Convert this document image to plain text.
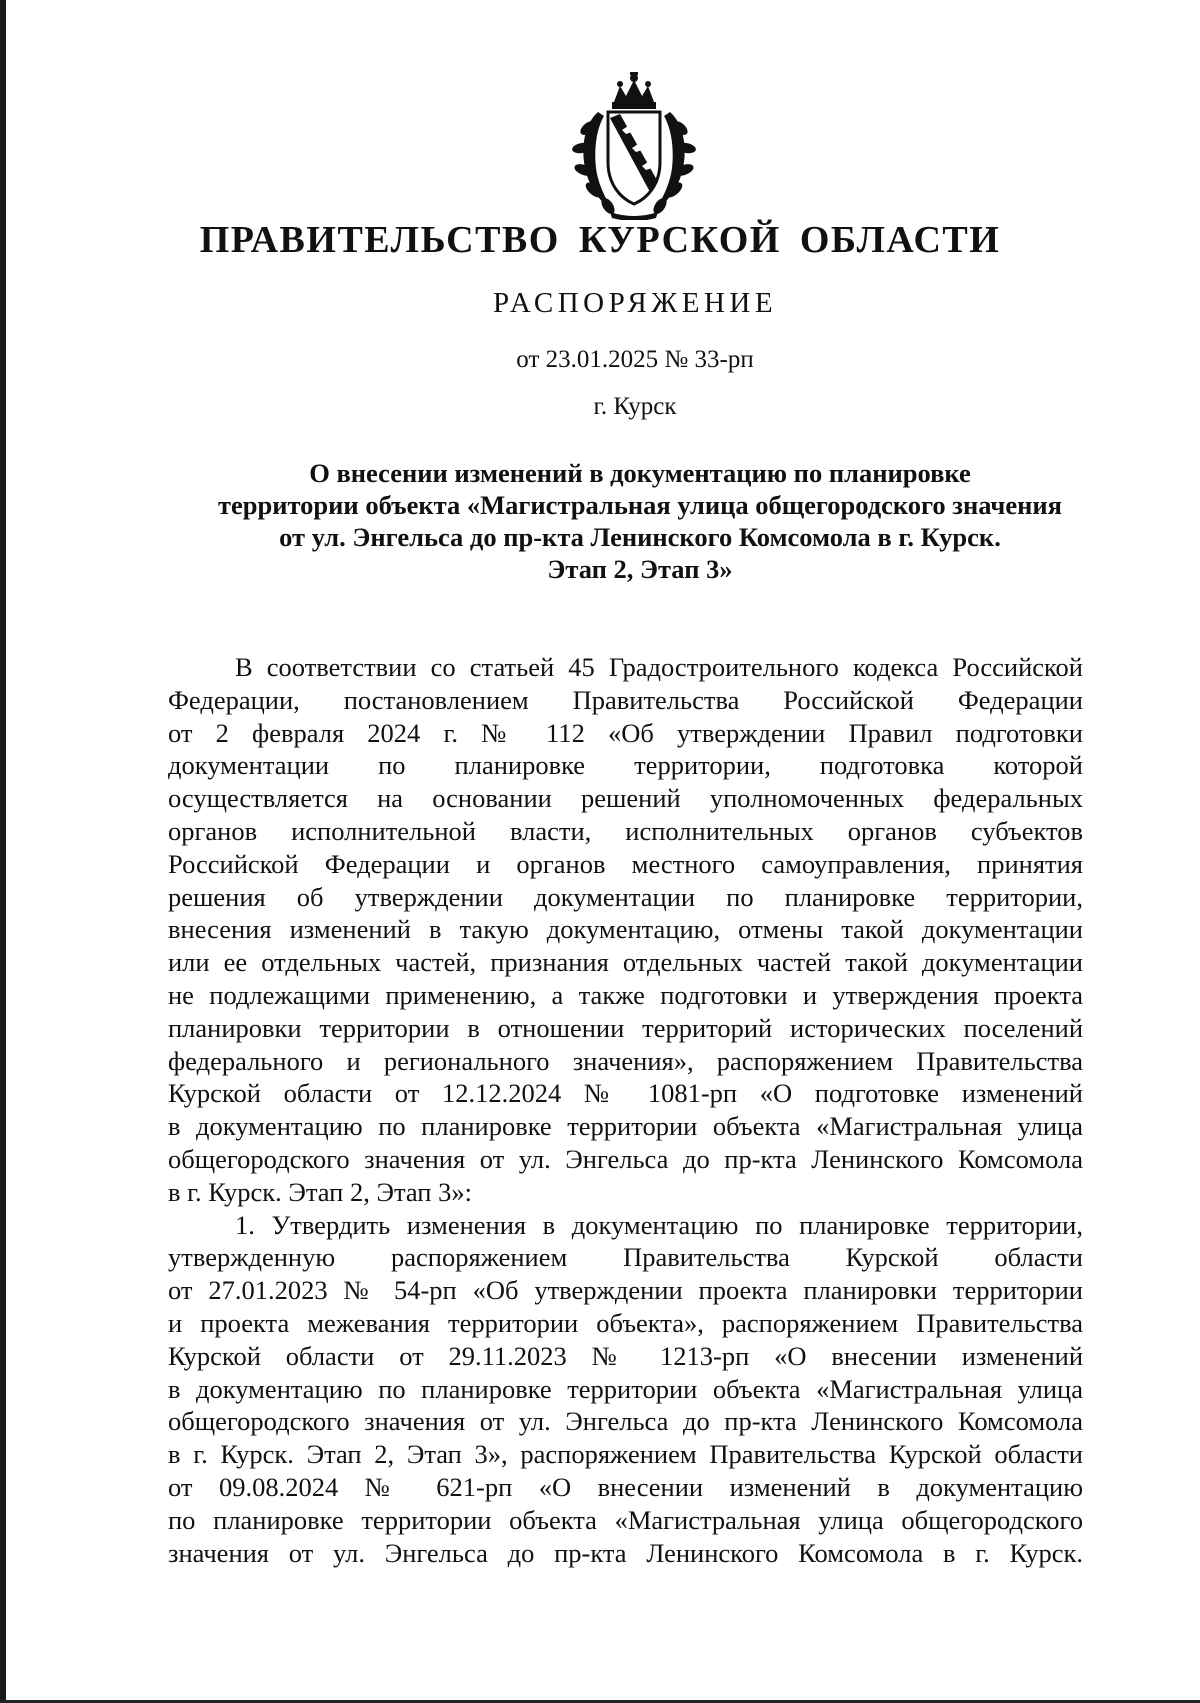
ПРАВИТЕЛЬСТВО КУРСКОЙ ОБЛАСТИ
РАСПОРЯЖЕНИЕ
от 23.01.2025 № 33-рп
г. Курск
О внесении изменений в документацию по планировке
территории объекта «Магистральная улица общегородского значения
от ул. Энгельса до пр-кта Ленинского Комсомола в г. Курск.
Этап 2, Этап 3»
В соответствии со статьей 45 Градостроительного кодекса Российской
Федерации, постановлением Правительства Российской Федерации
от 2 февраля 2024 г. № 112 «Об утверждении Правил подготовки
документации по планировке территории, подготовка которой
осуществляется на основании решений уполномоченных федеральных
органов исполнительной власти, исполнительных органов субъектов
Российской Федерации и органов местного самоуправления, принятия
решения об утверждении документации по планировке территории,
внесения изменений в такую документацию, отмены такой документации
или ее отдельных частей, признания отдельных частей такой документации
не подлежащими применению, а также подготовки и утверждения проекта
планировки территории в отношении территорий исторических поселений
федерального и регионального значения», распоряжением Правительства
Курской области от 12.12.2024 № 1081-рп «О подготовке изменений
в документацию по планировке территории объекта «Магистральная улица
общегородского значения от ул. Энгельса до пр-кта Ленинского Комсомола
в г. Курск. Этап 2, Этап 3»:
1. Утвердить изменения в документацию по планировке территории,
утвержденную распоряжением Правительства Курской области
от 27.01.2023 № 54-рп «Об утверждении проекта планировки территории
и проекта межевания территории объекта», распоряжением Правительства
Курской области от 29.11.2023 № 1213-рп «О внесении изменений
в документацию по планировке территории объекта «Магистральная улица
общегородского значения от ул. Энгельса до пр-кта Ленинского Комсомола
в г. Курск. Этап 2, Этап 3», распоряжением Правительства Курской области
от 09.08.2024 № 621-рп «О внесении изменений в документацию
по планировке территории объекта «Магистральная улица общегородского
значения от ул. Энгельса до пр-кта Ленинского Комсомола в г. Курск.
